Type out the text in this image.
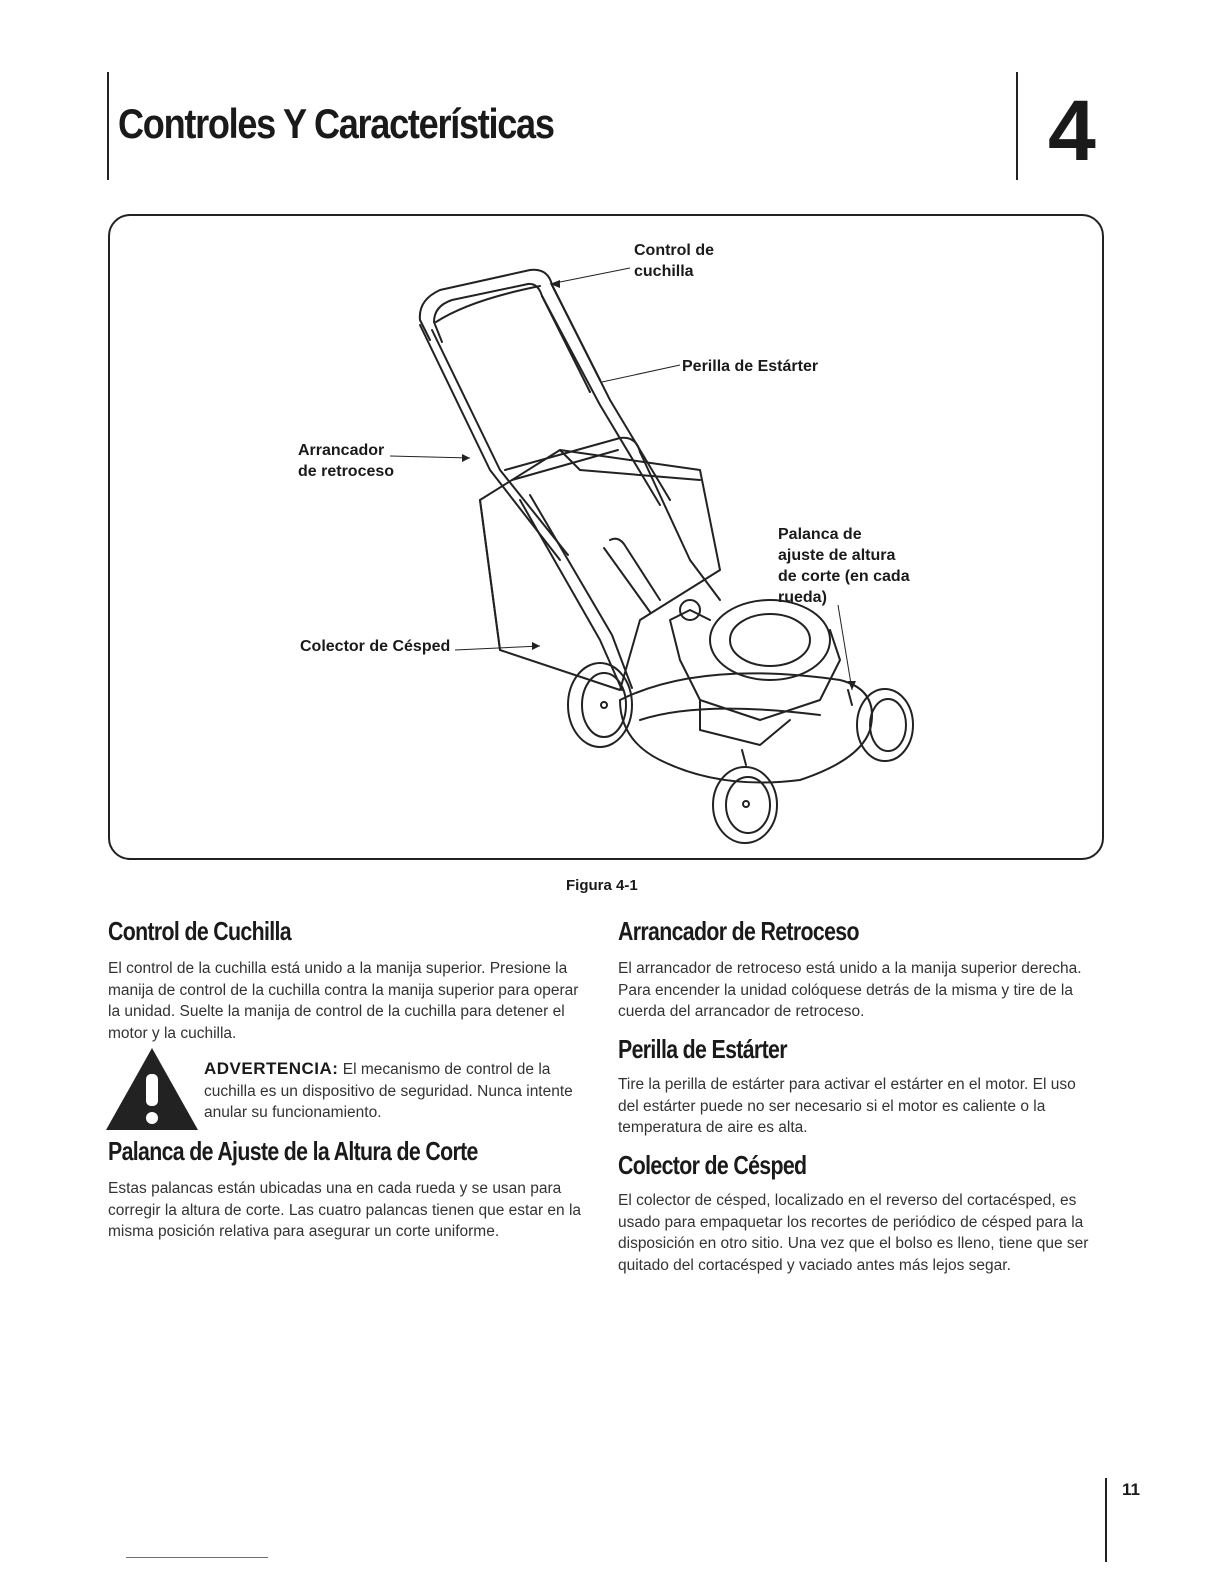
Controles Y Características	4
Control de
cuchilla
Perilla de Estárter
Arrancador
de retroceso
Palanca de
ajuste de altura
de corte (en cada
rueda)
Colector de Césped
Figura 4-1
Control de Cuchilla
El control de la cuchilla está unido a la manija superior. Presione la manija de control de la cuchilla contra la manija superior para operar la unidad. Suelte la manija de control de la cuchilla para detener el motor y la cuchilla.
ADVERTENCIA: El mecanismo de control de la cuchilla es un dispositivo de seguridad. Nunca intente anular su funcionamiento.
Palanca de Ajuste de la Altura de Corte
Estas palancas están ubicadas una en cada rueda y se usan para corregir la altura de corte. Las cuatro palancas tienen que estar en la misma posición relativa para asegurar un corte uniforme.
Arrancador de Retroceso
El arrancador de retroceso está unido a la manija superior derecha. Para encender la unidad colóquese detrás de la misma y tire de la cuerda del arrancador de retroceso.
Perilla de Estárter
Tire la perilla de estárter para activar el estárter en el motor. El uso del estárter puede no ser necesario si el motor es caliente o la temperatura de aire es alta.
Colector de Césped
El colector de césped, localizado en el reverso del cortacésped, es usado para empaquetar los recortes de periódico de césped para la disposición en otro sitio. Una vez que el bolso es lleno, tiene que ser quitado del cortacésped y vaciado antes más lejos segar.
11
